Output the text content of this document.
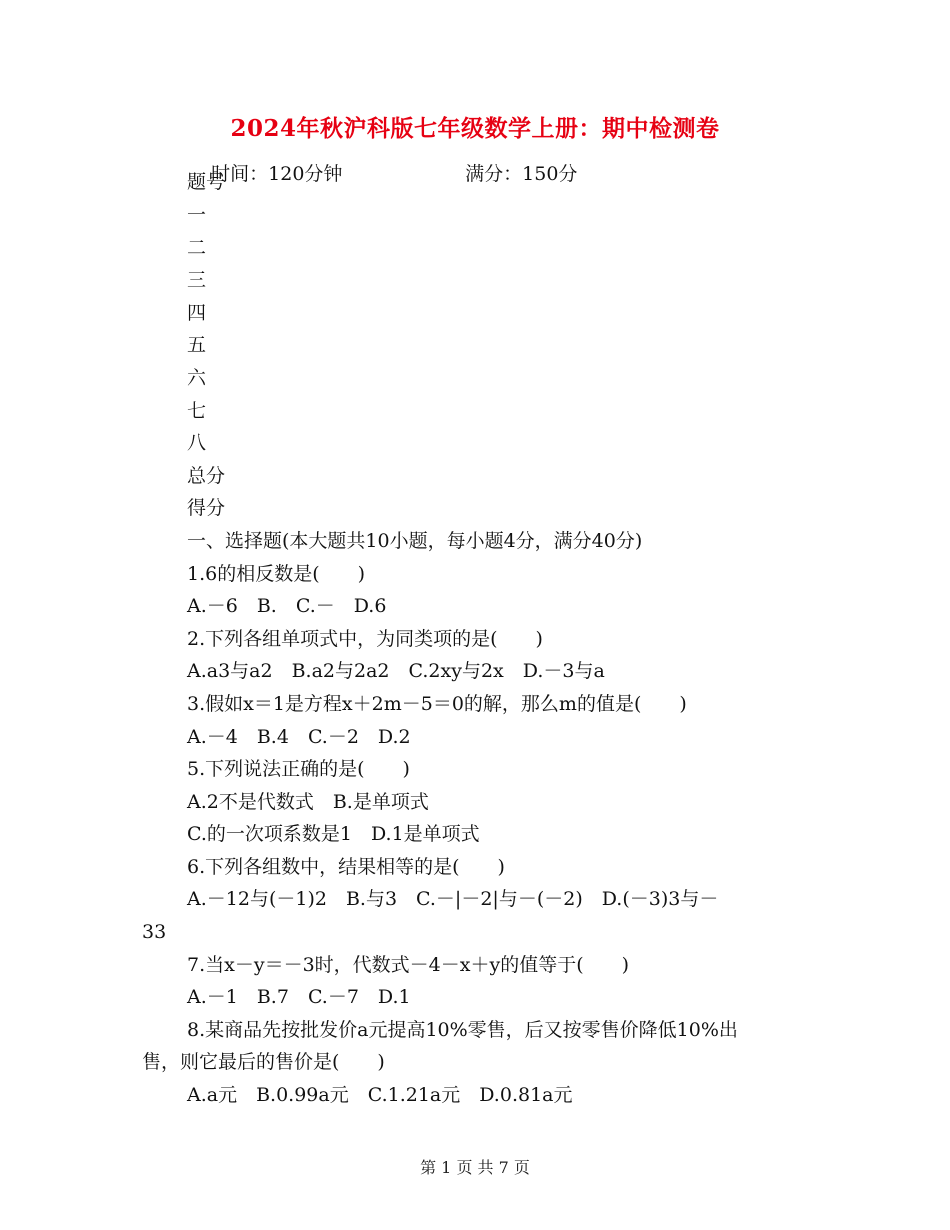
2024年秋沪科版七年级数学上册：期中检测卷

时间：120分钟	满分：150分

题号
一
二
三
四
五
六
七
八
总分
得分
一、选择题(本大题共10小题，每小题4分，满分40分)
1.6的相反数是(　　)
A.－6　B.　C.－　D.6
2.下列各组单项式中，为同类项的是(　　)
A.a3与a2　B.a2与2a2　C.2xy与2x　D.－3与a
3.假如x＝1是方程x＋2m－5＝0的解，那么m的值是(　　)
A.－4　B.4　C.－2　D.2
5.下列说法正确的是(　　)
A.2不是代数式　B.是单项式
C.的一次项系数是1　D.1是单项式
6.下列各组数中，结果相等的是(　　)
A.－12与(－1)2　B.与3　C.－|－2|与－(－2)　D.(－3)3与－
33
7.当x－y＝－3时，代数式－4－x＋y的值等于(　　)
A.－1　B.7　C.－7　D.1
8.某商品先按批发价a元提高10%零售，后又按零售价降低10%出
售，则它最后的售价是(　　)
A.a元　B.0.99a元　C.1.21a元　D.0.81a元
第 1 页 共 7 页
